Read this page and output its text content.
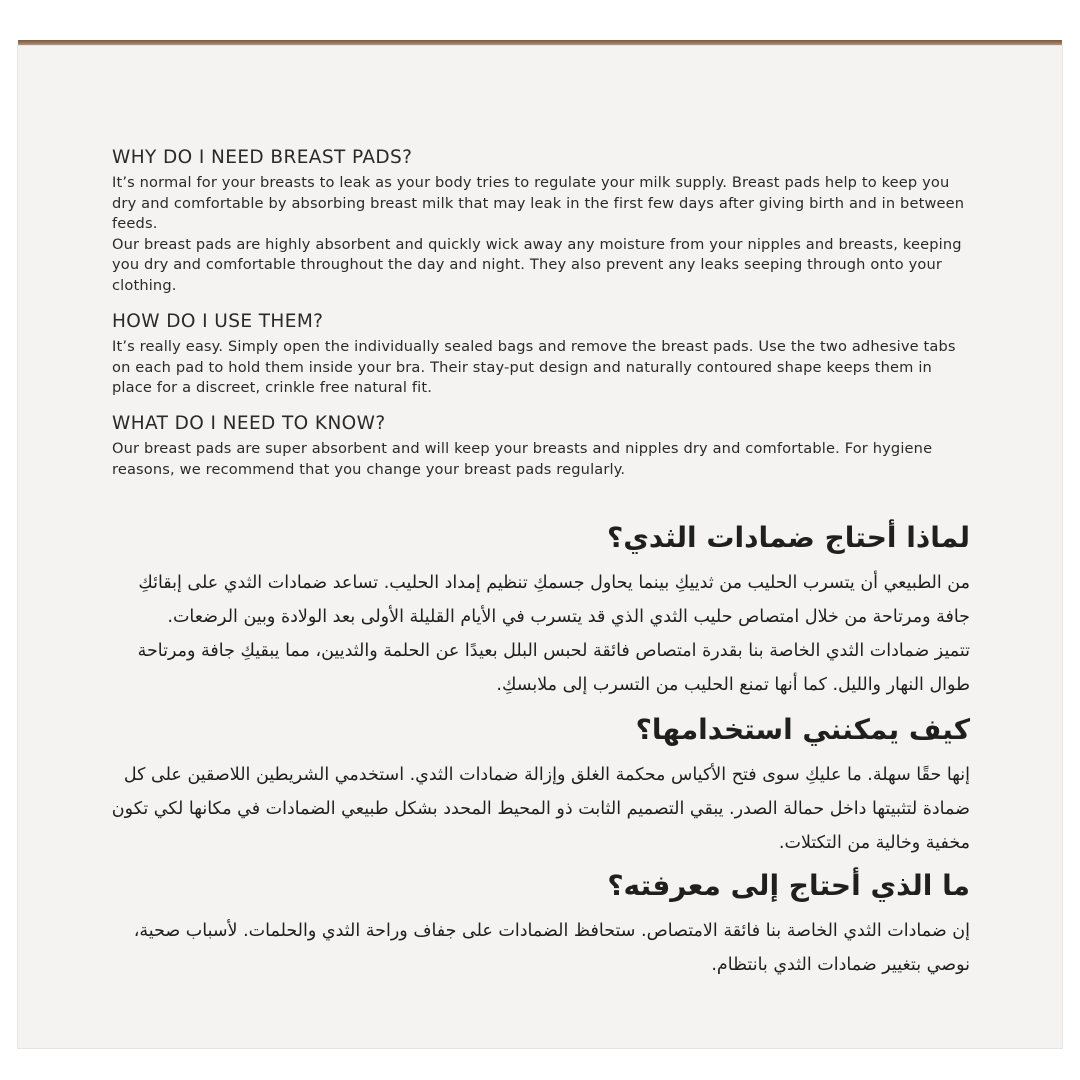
WHY DO I NEED BREAST PADS?

It’s normal for your breasts to leak as your body tries to regulate your milk supply. Breast pads help to keep you dry and comfortable by absorbing breast milk that may leak in the first few days after giving birth and in between feeds.

Our breast pads are highly absorbent and quickly wick away any moisture from your nipples and breasts, keeping you dry and comfortable throughout the day and night. They also prevent any leaks seeping through onto your clothing.

HOW DO I USE THEM?

It’s really easy. Simply open the individually sealed bags and remove the breast pads. Use the two adhesive tabs on each pad to hold them inside your bra. Their stay-put design and naturally contoured shape keeps them in place for a discreet, crinkle free natural fit.

WHAT DO I NEED TO KNOW?

Our breast pads are super absorbent and will keep your breasts and nipples dry and comfortable. For hygiene reasons, we recommend that you change your breast pads regularly.

لماذا أحتاج ضمادات الثدي؟

من الطبيعي أن يتسرب الحليب من ثدييكِ بينما يحاول جسمكِ تنظيم إمداد الحليب. تساعد ضمادات الثدي على إبقائكِ جافة ومرتاحة من خلال امتصاص حليب الثدي الذي قد يتسرب في الأيام القليلة الأولى بعد الولادة وبين الرضعات.

تتميز ضمادات الثدي الخاصة بنا بقدرة امتصاص فائقة لحبس البلل بعيدًا عن الحلمة والثديين، مما يبقيكِ جافة ومرتاحة طوال النهار والليل. كما أنها تمنع الحليب من التسرب إلى ملابسكِ.

كيف يمكنني استخدامها؟

إنها حقًا سهلة. ما عليكِ سوى فتح الأكياس محكمة الغلق وإزالة ضمادات الثدي. استخدمي الشريطين اللاصقين على كل ضمادة لتثبيتها داخل حمالة الصدر. يبقي التصميم الثابت ذو المحيط المحدد بشكل طبيعي الضمادات في مكانها لكي تكون مخفية وخالية من التكتلات.

ما الذي أحتاج إلى معرفته؟

إن ضمادات الثدي الخاصة بنا فائقة الامتصاص. ستحافظ الضمادات على جفاف وراحة الثدي والحلمات. لأسباب صحية، نوصي بتغيير ضمادات الثدي بانتظام.
